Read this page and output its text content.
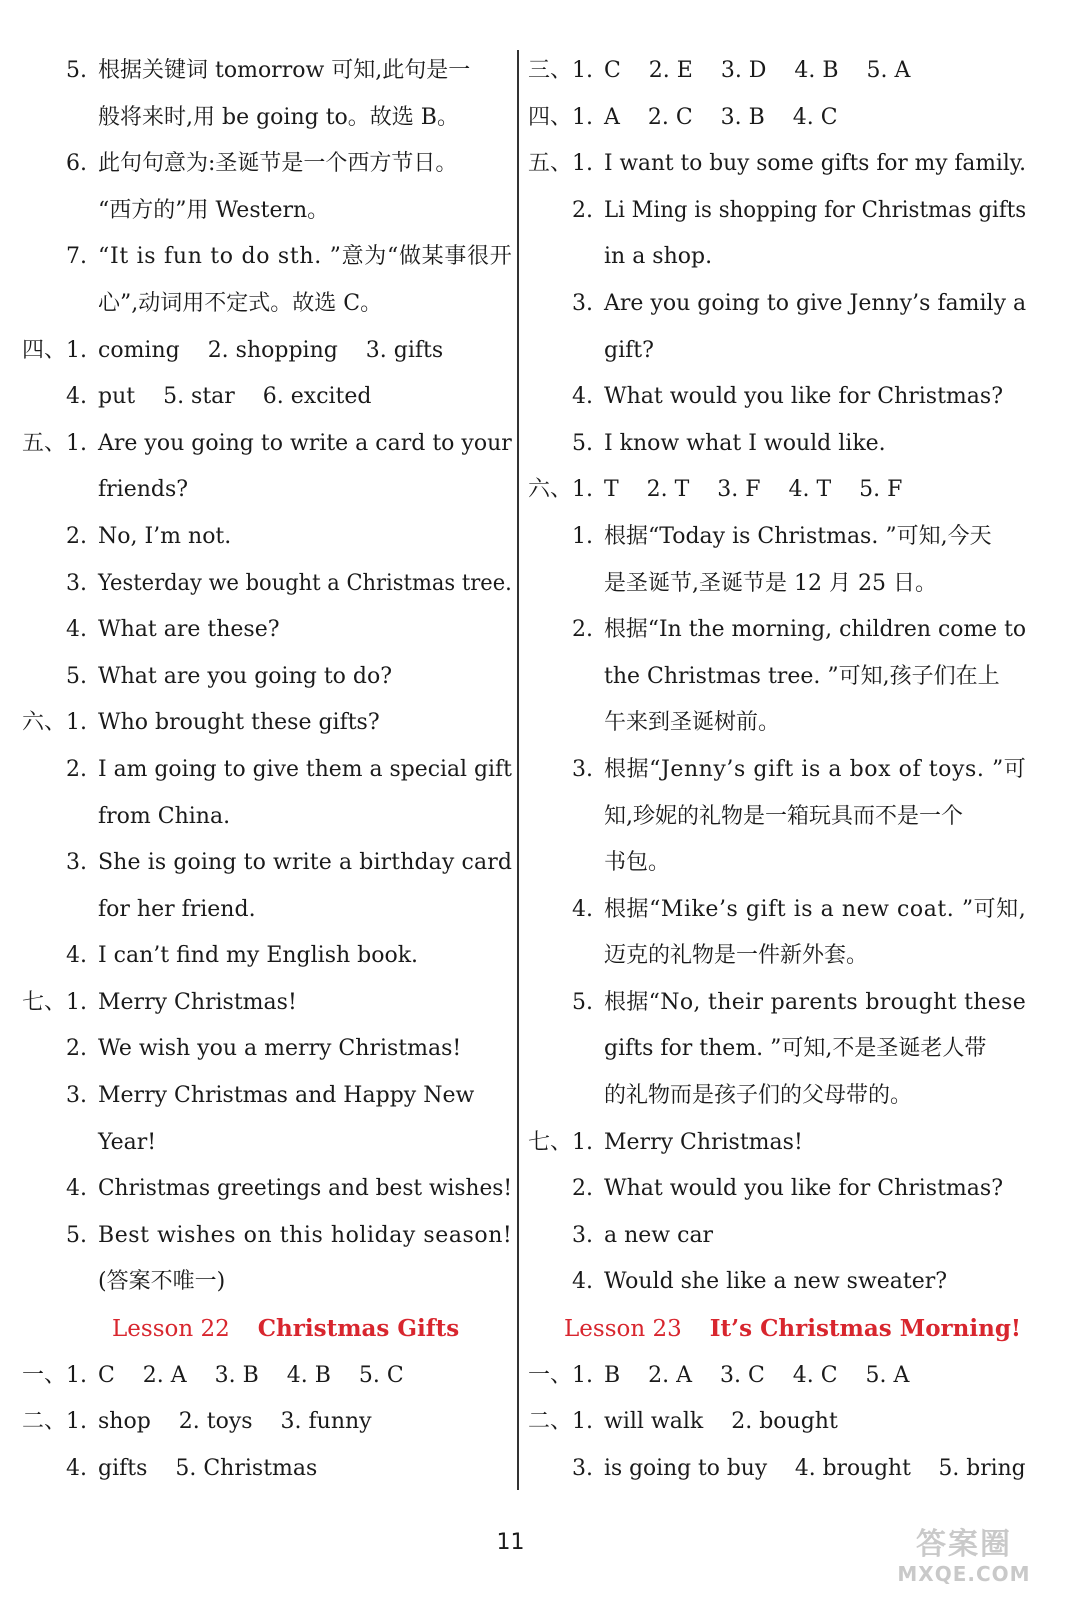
5. 根据关键词 tomorrow 可知,此句是一
般将来时,用 be going to。故选 B。
6. 此句句意为:圣诞节是一个西方节日。
“西方的”用 Western。
7. “It is fun to do sth. ”意为“做某事很开
心”,动词用不定式。故选 C。
四、1. coming    2. shopping    3. gifts
4. put    5. star    6. excited
五、1. Are you going to write a card to your
friends?
2. No, I’m not.
3. Yesterday we bought a Christmas tree.
4. What are these?
5. What are you going to do?
六、1. Who brought these gifts?
2. I am going to give them a special gift
from China.
3. She is going to write a birthday card
for her friend.
4. I can’t find my English book.
七、1. Merry Christmas!
2. We wish you a merry Christmas!
3. Merry Christmas and Happy New
Year!
4. Christmas greetings and best wishes!
5. Best wishes on this holiday season!
(答案不唯一)
Lesson 22 Christmas Gifts
一、1. C    2. A    3. B    4. B    5. C
二、1. shop    2. toys    3. funny
4. gifts    5. Christmas
三、1. C    2. E    3. D    4. B    5. A
四、1. A    2. C    3. B    4. C
五、1. I want to buy some gifts for my family.
2. Li Ming is shopping for Christmas gifts
in a shop.
3. Are you going to give Jenny’s family a
gift?
4. What would you like for Christmas?
5. I know what I would like.
六、1. T    2. T    3. F    4. T    5. F
1. 根据“Today is Christmas. ”可知,今天
是圣诞节,圣诞节是 12 月 25 日。
2. 根据“In the morning, children come to
the Christmas tree. ”可知,孩子们在上
午来到圣诞树前。
3. 根据“Jenny’s gift is a box of toys. ”可
知,珍妮的礼物是一箱玩具而不是一个
书包。
4. 根据“Mike’s gift is a new coat. ”可知,
迈克的礼物是一件新外套。
5. 根据“No, their parents brought these
gifts for them. ”可知,不是圣诞老人带
的礼物而是孩子们的父母带的。
七、1. Merry Christmas!
2. What would you like for Christmas?
3. a new car
4. Would she like a new sweater?
Lesson 23 It’s Christmas Morning!
一、1. B    2. A    3. C    4. C    5. A
二、1. will walk    2. bought
3. is going to buy    4. brought    5. bring
11	答案圈
MXQE.COM
